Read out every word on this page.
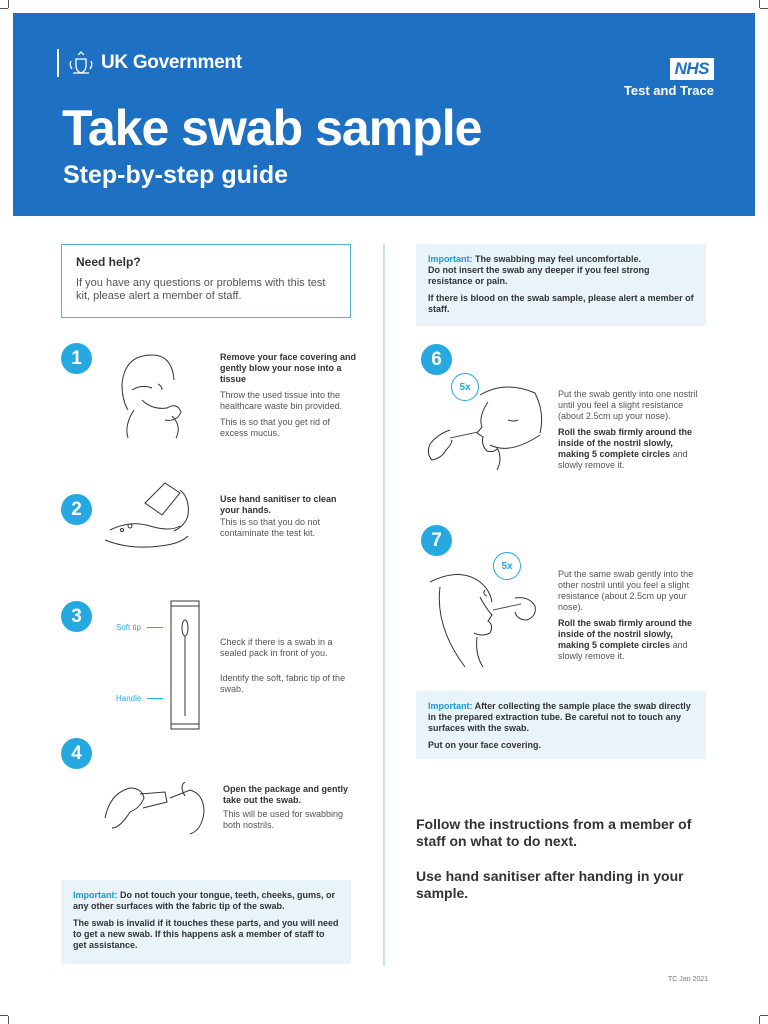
UK Government	NHS
Test and Trace
Take swab sample
Step-by-step guide
Need help?
If you have any questions or problems with this test kit, please alert a member of staff.
1	Remove your face covering and gently blow your nose into a tissue

Throw the used tissue into the healthcare waste bin provided.

This is so that you get rid of excess mucus.

2	Use hand sanitiser to clean your hands.

This is so that you do not contaminate the test kit.

3
Soft tip
Handle

Check if there is a swab in a sealed pack in front of you.

Identify the soft, fabric tip of the swab.

4

Open the package and gently take out the swab.

This will be used for swabbing both nostrils.

Important: Do not touch your tongue, teeth, cheeks, gums, or any other surfaces with the fabric tip of the swab.

The swab is invalid if it touches these parts, and you will need to get a new swab. If this happens ask a member of staff to get assistance.

Important: The swabbing may feel uncomfortable.

Do not insert the swab any deeper if you feel strong resistance or pain.

If there is blood on the swab sample, please alert a member of staff.

6
5x

Put the swab gently into one nostril until you feel a slight resistance (about 2.5cm up your nose).

Roll the swab firmly around the inside of the nostril slowly, making 5 complete circles and slowly remove it.

7
5x

Put the same swab gently into the other nostril until you feel a slight resistance (about 2.5cm up your nose).

Roll the swab firmly around the inside of the nostril slowly, making 5 complete circles and slowly remove it.

Important: After collecting the sample place the swab directly in the prepared extraction tube. Be careful not to touch any surfaces with the swab.

Put on your face covering.

Follow the instructions from a member of staff on what to do next.

Use hand sanitiser after handing in your sample.

TC Jan 2021
